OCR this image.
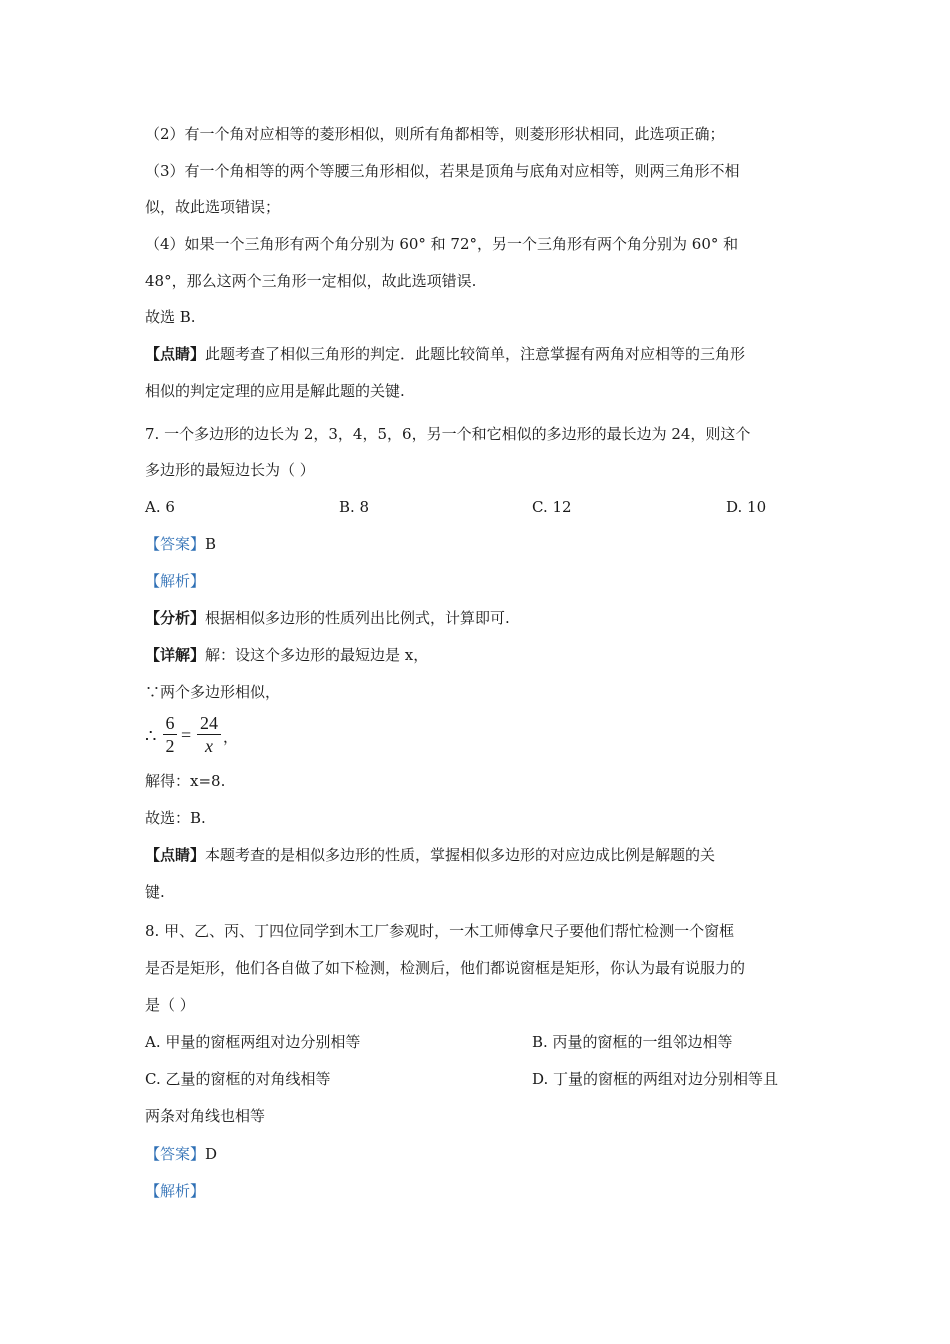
（2）有一个角对应相等的菱形相似，则所有角都相等，则菱形形状相同，此选项正确；
（3）有一个角相等的两个等腰三角形相似，若果是顶角与底角对应相等，则两三角形不相
似，故此选项错误；
（4）如果一个三角形有两个角分别为 60° 和 72°，另一个三角形有两个角分别为 60° 和
48°，那么这两个三角形一定相似，故此选项错误.
故选 B.
【点睛】此题考查了相似三角形的判定．此题比较简单，注意掌握有两角对应相等的三角形
相似的判定定理的应用是解此题的关键.
7. 一个多边形的边长为 2，3，4，5，6，另一个和它相似的多边形的最长边为 24，则这个
多边形的最短边长为（ ）
A. 6	B. 8	C. 12	D. 10
【答案】B
【解析】
【分析】根据相似多边形的性质列出比例式，计算即可.
【详解】解：设这个多边形的最短边是 x，
∵两个多边形相似，
∴
6
2
=
24
x ，
解得：x=8.
故选：B.
【点睛】本题考查的是相似多边形的性质，掌握相似多边形的对应边成比例是解题的关
键.
8. 甲、乙、丙、丁四位同学到木工厂参观时，一木工师傅拿尺子要他们帮忙检测一个窗框
是否是矩形，他们各自做了如下检测，检测后，他们都说窗框是矩形，你认为最有说服力的
是（ ）
A. 甲量的窗框两组对边分别相等	B. 丙量的窗框的一组邻边相等
C. 乙量的窗框的对角线相等	D. 丁量的窗框的两组对边分别相等且
两条对角线也相等
【答案】D
【解析】
